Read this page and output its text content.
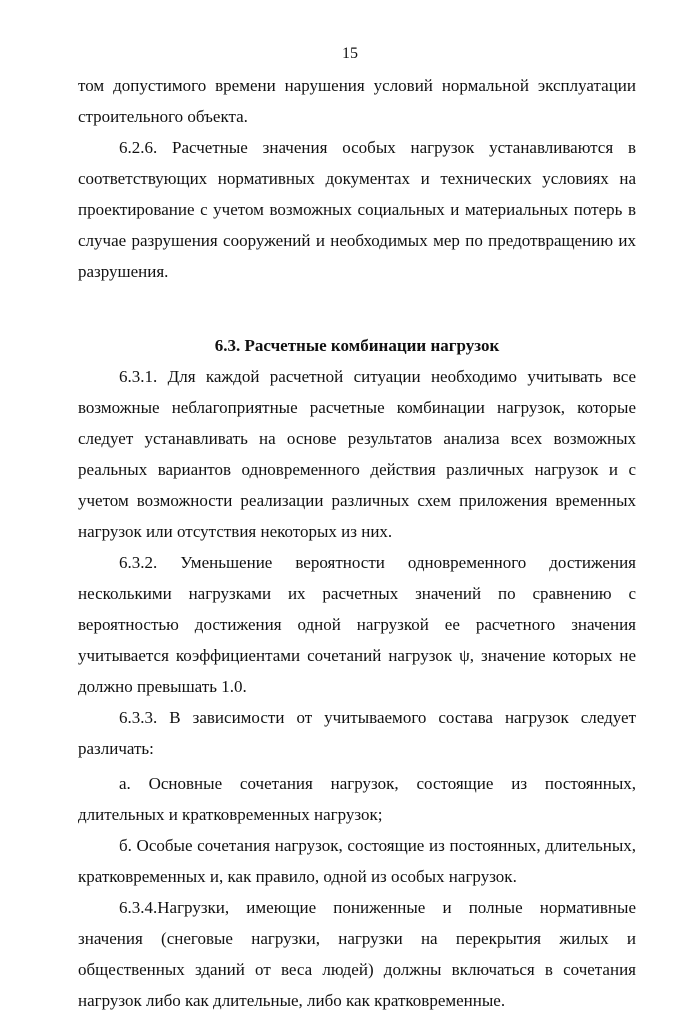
15

том допустимого времени нарушения условий нормальной эксплуатации строительного объекта.

6.2.6. Расчетные значения особых нагрузок устанавливаются в соответствующих нормативных документах и технических условиях на проектирование с учетом возможных социальных и материальных потерь в случае разрушения сооружений и необходимых мер по предотвращению их разрушения.

6.3. Расчетные комбинации нагрузок

6.3.1. Для каждой расчетной ситуации необходимо учитывать все возможные неблагоприятные расчетные комбинации нагрузок, которые следует устанавливать на основе результатов анализа всех возможных реальных вариантов одновременного действия различных нагрузок и с учетом возможности реализации различных схем приложения временных нагрузок или отсутствия некоторых из них.

6.3.2. Уменьшение вероятности одновременного достижения несколькими нагрузками их расчетных значений по сравнению с вероятностью достижения одной нагрузкой ее расчетного значения учитывается коэффициентами сочетаний нагрузок ψ, значение которых не должно превышать 1.0.

6.3.3. В зависимости от учитываемого состава нагрузок следует различать:

а. Основные сочетания нагрузок, состоящие из постоянных, длительных и кратковременных нагрузок;

б. Особые сочетания нагрузок, состоящие из постоянных, длительных, кратковременных и, как правило, одной из особых нагрузок.

6.3.4.Нагрузки, имеющие пониженные и полные нормативные значения (снеговые нагрузки, нагрузки на перекрытия жилых и общественных зданий от веса людей) должны включаться в сочетания нагрузок либо как длительные, либо как кратковременные.
